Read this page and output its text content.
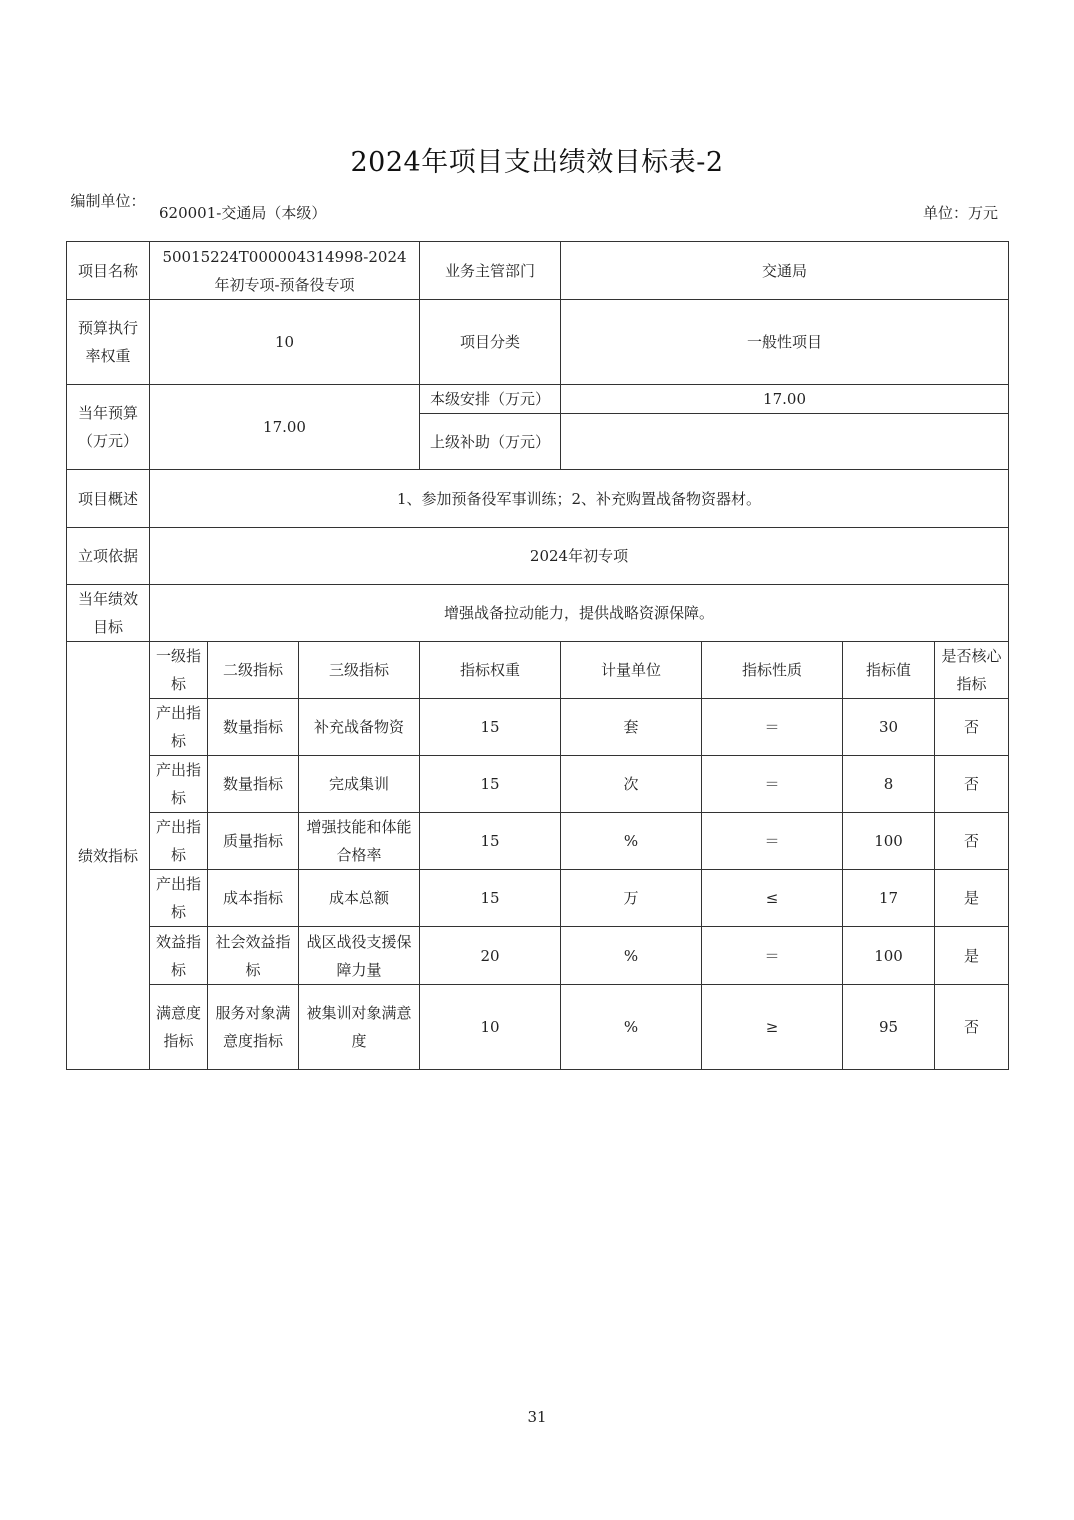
2024年项目支出绩效目标表-2
编制单位：
620001-交通局（本级）	单位：万元
项目名称	50015224T000004314998-2024年初专项-预备役专项			业务主管部门	交通局			
预算执行率权重	10			项目分类	一般性项目			
当年预算（万元）	17.00			本级安排（万元）	17.00			
				上级补助（万元）				
项目概述	1、参加预备役军事训练；2、补充购置战备物资器材。							
立项依据	2024年初专项							
当年绩效目标	增强战备拉动能力，提供战略资源保障。							
绩效指标	一级指标	二级指标	三级指标	指标权重	计量单位	指标性质	指标值	是否核心指标
	产出指标	数量指标	补充战备物资	15	套	＝	30	否
	产出指标	数量指标	完成集训	15	次	＝	8	否
	产出指标	质量指标	增强技能和体能合格率	15	%	＝	100	否
	产出指标	成本指标	成本总额	15	万	≤	17	是
	效益指标	社会效益指标	战区战役支援保障力量	20	%	＝	100	是
	满意度指标	服务对象满意度指标	被集训对象满意度	10	%	≥	95	否
31
